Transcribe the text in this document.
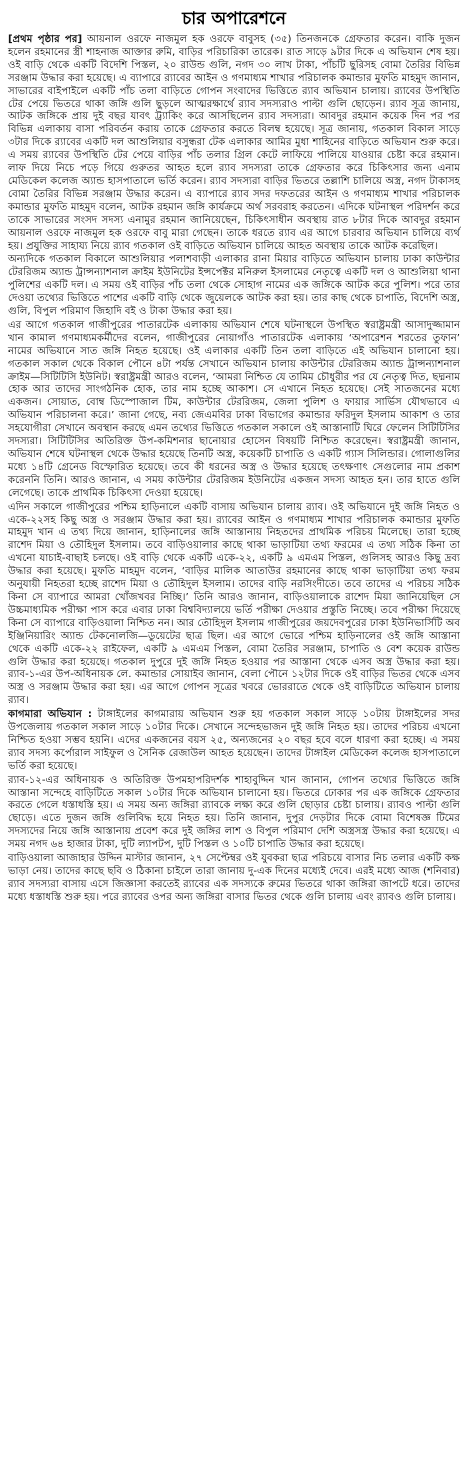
চার অপারেশনে
[প্রথম পৃষ্ঠার পর] আয়নাল ওরফে নাজমুল হক ওরফে বাবুসহ (৩৫) তিনজনকে গ্রেফতার করেন। বাকি দুজন হলেন রহমানের স্ত্রী শাহনাজ আক্তার রুমি, বাড়ির পরিচারিকা তারেক। রাত সাড়ে ৯টার দিকে এ অভিযান শেষ হয়। ওই বাড়ি থেকে একটি বিদেশি পিস্তল, ২০ রাউন্ড গুলি, নগদ ৩০ লাখ টাকা, পাঁচটি ছুরিসহ বোমা তৈরির বিভিন্ন সরঞ্জাম উদ্ধার করা হয়েছে। এ ব্যাপারে র‍্যাবের আইন ও গণমাধ্যম শাখার পরিচালক কমান্ডার মুফতি মাহমুদ জানান, সাভারের বাইপাইলে একটি পাঁচ তলা বাড়িতে গোপন সংবাদের ভিত্তিতে র‍্যাব অভিযান চালায়। র‍্যাবের উপস্থিতি টের পেয়ে ভিতরে থাকা জঙ্গি গুলি ছুড়লে আত্মরক্ষার্থে র‍্যাব সদস্যরাও পাল্টা গুলি ছোড়েন। র‍্যাব সূত্র জানায়, আটক জঙ্গিকে প্রায় দুই বছর যাবৎ ট্র্যাকিং করে আসছিলেন র‍্যাব সদস্যরা। আবদুর রহমান কয়েক দিন পর পর বিভিন্ন এলাকায় বাসা পরিবর্তন করায় তাকে গ্রেফতার করতে বিলম্ব হয়েছে। সূত্র জানায়, গতকাল বিকাল সাড়ে ৩টার দিকে র‍্যাবের একটি দল আশুলিয়ার বসুন্ধরা টেক এলাকার আমির মুধা শাহিনের বাড়িতে অভিযান শুরু করে। এ সময় র‍্যাবের উপস্থিতি টের পেয়ে বাড়ির পাঁচ তলার গ্রিল কেটে লাফিয়ে পালিয়ে যাওয়ার চেষ্টা করে রহমান। লাফ দিয়ে নিচে পড়ে গিয়ে গুরুতর আহত হলে র‍্যাব সদস্যরা তাকে গ্রেফতার করে চিকিৎসার জন্য এনাম মেডিকেল কলেজ অ্যান্ড হাসপাতালে ভর্তি করেন। র‍্যাব সদস্যরা বাড়ির ভিতরে তল্লাশি চালিয়ে অস্ত্র, নগদ টাকাসহ বোমা তৈরির বিভিন্ন সরঞ্জাম উদ্ধার করেন। এ ব্যাপারে র‍্যাব সদর দফতরের আইন ও গণমাধ্যম শাখার পরিচালক কমান্ডার মুফতি মাহমুদ বলেন, আটক রহমান জঙ্গি কার্যক্রমে অর্থ সরবরাহ করতেন। এদিকে ঘটনাস্থল পরিদর্শন করে তাকে সাভারের সংসদ সদস্য এনামুর রহমান জানিয়েছেন, চিকিৎসাধীন অবস্থায় রাত ৮টার দিকে আবদুর রহমান আয়নাল ওরফে নাজমুল হক ওরফে বাবু মারা গেছেন। তাকে ধরতে র‍্যাব এর আগে চারবার অভিযান চালিয়ে ব্যর্থ হয়। প্রযুক্তির সাহায্য নিয়ে র‍্যাব গতকাল ওই বাড়িতে অভিযান চালিয়ে আহত অবস্থায় তাকে আটক করেছিল।
অন্যদিকে গতকাল বিকালে আশুলিয়ার পলাশবাড়ী এলাকার রানা মিয়ার বাড়িতে অভিযান চালায় ঢাকা কাউন্টার টেররিজম অ্যান্ড ট্রান্সন্যাশনাল ক্রাইম ইউনিটের ইন্সপেক্টর মনিরুল ইসলামের নেতৃত্বে একটি দল ও আশুলিয়া থানা পুলিশের একটি দল। এ সময় ওই বাড়ির পাঁচ তলা থেকে সোহাগ নামের এক জঙ্গিকে আটক করে পুলিশ। পরে তার দেওয়া তথ্যের ভিত্তিতে পাশের একটি বাড়ি থেকে জুয়েলকে আটক করা হয়। তার কাছ থেকে চাপাতি, বিদেশি অস্ত্র, গুলি, বিপুল পরিমাণ জিহাদি বই ও টাকা উদ্ধার করা হয়।
এর আগে গতকাল গাজীপুরের পাতারটেক এলাকায় অভিযান শেষে ঘটনাস্থলে উপস্থিত স্বরাষ্ট্রমন্ত্রী আসাদুজ্জামান খান কামাল গণমাধ্যমকর্মীদের বলেন, গাজীপুরের নোয়াগাঁও পাতারটেক এলাকায় ‘অপারেশন শরতের তুফান’ নামের অভিযানে সাত জঙ্গি নিহত হয়েছে। ওই এলাকার একটি তিন তলা বাড়িতে এই অভিযান চালানো হয়। গতকাল সকাল থেকে বিকাল পৌনে ৪টা পর্যন্ত সেখানে অভিযান চালায় কাউন্টার টেররিজম অ্যান্ড ট্রান্সন্যাশনাল ক্রাইম—সিটিটিসি ইউনিট। স্বরাষ্ট্রমন্ত্রী আরও বলেন, ‘আমরা নিশ্চিত যে তামিম চৌধুরীর পর যে নেতৃত্ব দিত, ছদ্মনাম হোক আর তাদের সাংগঠনিক হোক, তার নাম হচ্ছে আকাশ। সে এখানে নিহত হয়েছে। সেই সাতজনের মধ্যে একজন। সোয়াত, বোম্ব ডিস্পোজাল টিম, কাউন্টার টেররিজম, জেলা পুলিশ ও ফায়ার সার্ভিস যৌথভাবে এ অভিযান পরিচালনা করে।’ জানা গেছে, নব্য জেএমবির ঢাকা বিভাগের কমান্ডার ফরিদুল ইসলাম আকাশ ও তার সহযোগীরা সেখানে অবস্থান করছে এমন তথ্যের ভিত্তিতে গতকাল সকালে ওই আস্তানাটি ঘিরে ফেলেন সিটিটিসির সদস্যরা। সিটিটিসির অতিরিক্ত উপ-কমিশনার ছানোয়ার হোসেন বিষয়টি নিশ্চিত করেছেন। স্বরাষ্ট্রমন্ত্রী জানান, অভিযান শেষে ঘটনাস্থল থেকে উদ্ধার হয়েছে তিনটি অস্ত্র, কয়েকটি চাপাতি ও একটি গ্যাস সিলিন্ডার। গোলাগুলির মধ্যে ১৪টি গ্রেনেড বিস্ফোরিত হয়েছে। তবে কী ধরনের অস্ত্র ও উদ্ধার হয়েছে তৎক্ষণাৎ সেগুলোর নাম প্রকাশ করেননি তিনি। আরও জানান, এ সময় কাউন্টার টেররিজম ইউনিটের একজন সদস্য আহত হন। তার হাতে গুলি লেগেছে। তাকে প্রাথমিক চিকিৎসা দেওয়া হয়েছে।
এদিন সকালে গাজীপুরের পশ্চিম হাড়িনালে একটি বাসায় অভিযান চালায় র‍্যাব। ওই অভিযানে দুই জঙ্গি নিহত ও একে-২২সহ কিছু অস্ত্র ও সরঞ্জাম উদ্ধার করা হয়। র‍্যাবের আইন ও গণমাধ্যম শাখার পরিচালক কমান্ডার মুফতি মাহমুদ খান এ তথ্য দিয়ে জানান, হাড়িনালের জঙ্গি আস্তানায় নিহতদের প্রাথমিক পরিচয় মিলেছে। তারা হচ্ছে রাশেদ মিয়া ও তৌহিদুল ইসলাম। তবে বাড়িওয়ালার কাছে থাকা ভাড়াটিয়া তথ্য ফরমের এ তথ্য সঠিক কিনা তা এখনো যাচাই-বাছাই চলছে। ওই বাড়ি থেকে একটি একে-২২, একটি ৯ এমএম পিস্তল, গুলিসহ আরও কিছু দ্রব্য উদ্ধার করা হয়েছে। মুফতি মাহমুদ বলেন, ‘বাড়ির মালিক আতাউর রহমানের কাছে থাকা ভাড়াটিয়া তথ্য ফরম অনুযায়ী নিহতরা হচ্ছে রাশেদ মিয়া ও তৌহিদুল ইসলাম। তাদের বাড়ি নরসিংদীতে। তবে তাদের এ পরিচয় সঠিক কিনা সে ব্যাপারে আমরা খোঁজখবর নিচ্ছি।’ তিনি আরও জানান, বাড়িওয়ালাকে রাশেদ মিয়া জানিয়েছিল সে উচ্চমাধ্যমিক পরীক্ষা পাস করে এবার ঢাকা বিশ্ববিদ্যালয়ে ভর্তি পরীক্ষা দেওয়ার প্রস্তুতি নিচ্ছে। তবে পরীক্ষা দিয়েছে কিনা সে ব্যাপারে বাড়িওয়ালা নিশ্চিত নন। আর তৌহিদুল ইসলাম গাজীপুরের জয়দেবপুরের ঢাকা ইউনিভার্সিটি অব ইঞ্জিনিয়ারিং অ্যান্ড টেকনোলজি—ডুয়েটের ছাত্র ছিল। এর আগে ভোরে পশ্চিম হাড়িনালের ওই জঙ্গি আস্তানা থেকে একটি একে-২২ রাইফেল, একটি ৯ এমএম পিস্তল, বোমা তৈরির সরঞ্জাম, চাপাতি ও বেশ কয়েক রাউন্ড গুলি উদ্ধার করা হয়েছে। গতকাল দুপুরে দুই জঙ্গি নিহত হওয়ার পর আস্তানা থেকে এসব অস্ত্র উদ্ধার করা হয়। র‍্যাব-১-এর উপ-অধিনায়ক লে. কমান্ডার সোয়াইব জানান, বেলা পৌনে ১২টার দিকে ওই বাড়ির ভিতর থেকে এসব অস্ত্র ও সরঞ্জাম উদ্ধার করা হয়। এর আগে গোপন সূত্রের খবরে ভোররাতে থেকে ওই বাড়িটিতে অভিযান চালায় র‍্যাব।
কাগমারা অভিযান : টাঙ্গাইলের কাগমারায় অভিযান শুরু হয় গতকাল সকাল সাড়ে ১০টায় টাঙ্গাইলের সদর উপজেলায় গতকাল সকাল সাড়ে ১০টার দিকে। সেখানে সন্দেহভাজন দুই জঙ্গি নিহত হয়। তাদের পরিচয় এখনো নিশ্চিত হওয়া সম্ভব হয়নি। এদের একজনের বয়স ২৫, অন্যজনের ২০ বছর হবে বলে ধারণা করা হচ্ছে। এ সময় র‍্যাব সদস্য কর্পোরাল সাইফুল ও সৈনিক রেজাউল আহত হয়েছেন। তাদের টাঙ্গাইল মেডিকেল কলেজ হাসপাতালে ভর্তি করা হয়েছে।
র‍্যাব-১২-এর অধিনায়ক ও অতিরিক্ত উপমহাপরিদর্শক শাহাবুদ্দিন খান জানান, গোপন তথ্যের ভিত্তিতে জঙ্গি আস্তানা সন্দেহে বাড়িটিতে সকাল ১০টার দিকে অভিযান চালানো হয়। ভিতরে ঢোকার পর এক জঙ্গিকে গ্রেফতার করতে গেলে ধস্তাধস্তি হয়। এ সময় অন্য জঙ্গিরা র‍্যাবকে লক্ষ্য করে গুলি ছোড়ার চেষ্টা চালায়। র‍্যাবও পাল্টা গুলি ছোড়ে। এতে দুজন জঙ্গি গুলিবিদ্ধ হয়ে নিহত হয়। তিনি জানান, দুপুর দেড়টার দিকে বোমা বিশেষজ্ঞ টিমের সদস্যদের নিয়ে জঙ্গি আস্তানায় প্রবেশ করে দুই জঙ্গির লাশ ও বিপুল পরিমাণ দেশি অস্ত্রসস্ত্র উদ্ধার করা হয়েছে। এ সময় নগদ ৬৪ হাজার টাকা, দুটি ল্যাপটপ, দুটি পিস্তল ও ১০টি চাপাতি উদ্ধার করা হয়েছে।
বাড়িওয়ালা আজাহার উদ্দিন মাস্টার জানান, ২৭ সেপ্টেম্বর ওই যুবকরা ছাত্র পরিচয়ে বাসার নিচ তলার একটি কক্ষ ভাড়া নেয়। তাদের কাছে ছবি ও ঠিকানা চাইলে তারা জানায় দু-এক দিনের মধ্যেই দেবে। এরই মধ্যে আজ (শনিবার) র‍্যাব সদস্যরা বাসায় এসে জিজ্ঞাসা করতেই র‍্যাবের এক সদস্যকে রুমের ভিতরে থাকা জঙ্গিরা জাপটে ধরে। তাদের মধ্যে ধস্তাধস্তি শুরু হয়। পরে র‍্যাবের ওপর অন্য জঙ্গিরা বাসার ভিতর থেকে গুলি চালায় এবং র‍্যাবও গুলি চালায়।
